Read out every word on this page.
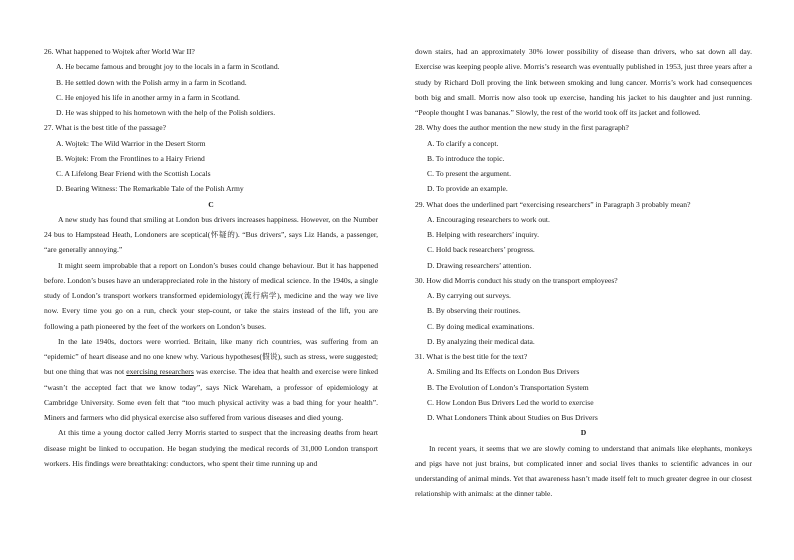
26. What happened to Wojtek after World War II?

A. He became famous and brought joy to the locals in a farm in Scotland.

B. He settled down with the Polish army in a farm in Scotland.

C. He enjoyed his life in another army in a farm in Scotland.

D. He was shipped to his hometown with the help of the Polish soldiers.

27. What is the best title of the passage?

A. Wojtek: The Wild Warrior in the Desert Storm

B. Wojtek: From the Frontlines to a Hairy Friend

C. A Lifelong Bear Friend with the Scottish Locals

D. Bearing Witness: The Remarkable Tale of the Polish Army

C

A new study has found that smiling at London bus drivers increases happiness. However, on the Number 24 bus to Hampstead Heath, Londoners are sceptical(怀疑的). “Bus drivers”, says Liz Hands, a passenger, “are generally annoying.”

It might seem improbable that a report on London’s buses could change behaviour. But it has happened before. London’s buses have an underappreciated role in the history of medical science. In the 1940s, a single study of London’s transport workers transformed epidemiology(流行病学), medicine and the way we live now. Every time you go on a run, check your step-count, or take the stairs instead of the lift, you are following a path pioneered by the feet of the workers on London’s buses.

In the late 1940s, doctors were worried. Britain, like many rich countries, was suffering from an “epidemic” of heart disease and no one knew why. Various hypotheses(假说), such as stress, were suggested; but one thing that was not exercising researchers was exercise. The idea that health and exercise were linked “wasn’t the accepted fact that we know today”, says Nick Wareham, a professor of epidemiology at Cambridge University. Some even felt that “too much physical activity was a bad thing for your health”. Miners and farmers who did physical exercise also suffered from various diseases and died young.

At this time a young doctor called Jerry Morris started to suspect that the increasing deaths from heart disease might be linked to occupation. He began studying the medical records of 31,000 London transport workers. His findings were breathtaking: conductors, who spent their time running up and

down stairs, had an approximately 30% lower possibility of disease than drivers, who sat down all day. Exercise was keeping people alive. Morris’s research was eventually published in 1953, just three years after a study by Richard Doll proving the link between smoking and lung cancer. Morris’s work had consequences both big and small. Morris now also took up exercise, handing his jacket to his daughter and just running. “People thought I was bananas.” Slowly, the rest of the world took off its jacket and followed.

28. Why does the author mention the new study in the first paragraph?

A. To clarify a concept.

B. To introduce the topic.

C. To present the argument.

D. To provide an example.

29. What does the underlined part “exercising researchers” in Paragraph 3 probably mean?

A. Encouraging researchers to work out.

B. Helping with researchers’ inquiry.

C. Hold back researchers’ progress.

D. Drawing researchers’ attention.

30. How did Morris conduct his study on the transport employees?

A. By carrying out surveys.

B. By observing their routines.

C. By doing medical examinations.

D. By analyzing their medical data.

31. What is the best title for the text?

A. Smiling and Its Effects on London Bus Drivers

B. The Evolution of London’s Transportation System

C. How London Bus Drivers Led the world to exercise

D. What Londoners Think about Studies on Bus Drivers

D

In recent years, it seems that we are slowly coming to understand that animals like elephants, monkeys and pigs have not just brains, but complicated inner and social lives thanks to scientific advances in our understanding of animal minds. Yet that awareness hasn’t made itself felt to much greater degree in our closest relationship with animals: at the dinner table.
